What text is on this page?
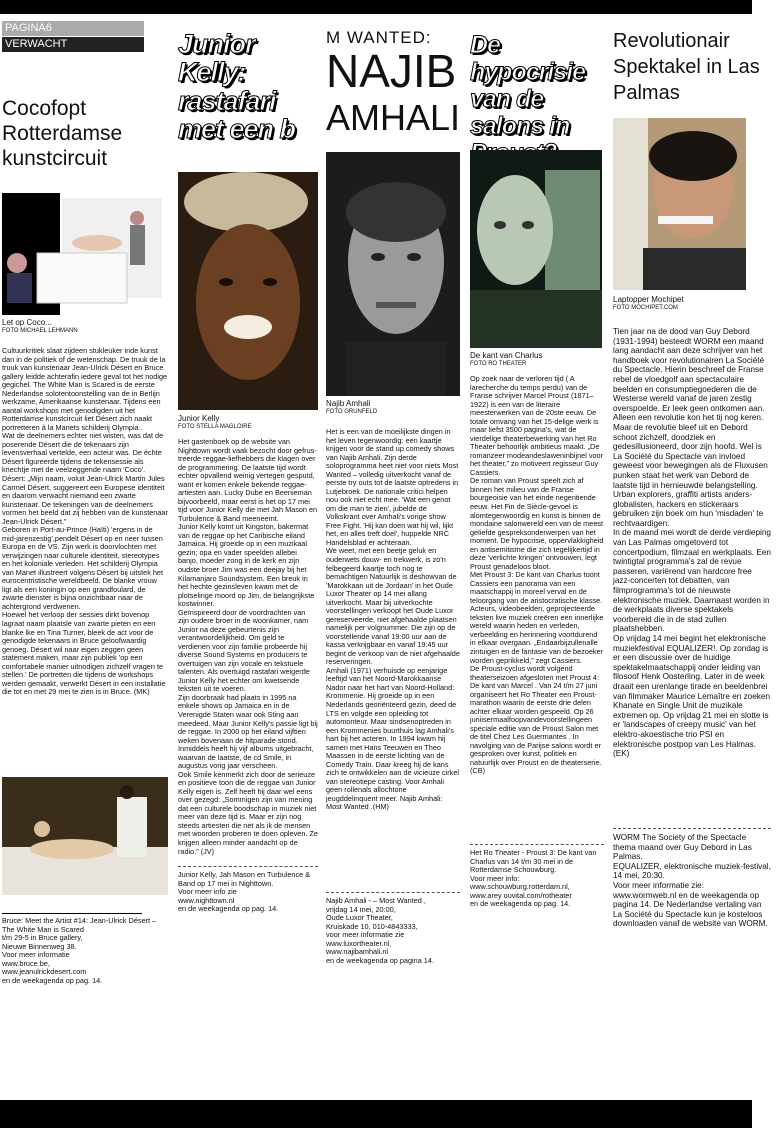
PAGINA6
VERWACHT
Cocofopt Rotterdamse kunstcircuit
Let op Coco...
FOTO MICHAEL LEHMANN

Cultuurkritiek slaat zijdeen stukleuker inde kunst dan in de politiek of de wetenschap. De truuk de la truuk van kunstenaar Jean-Ulrick Désert en Bruce gallery leidde achterafin iedere geval tot het nodige gegichel. The White Man is Scared is de eerste Nederlandse solotentoonstelling van de in Berlijn werkzame, Amerikaanse kunstenaar. Tijdens een aantal workshops met genodigden uit het Rotterdamse kunstcircuit liet Désert zich naakt portretteren à la Manets schilderij Olympia .

Wat de deelnemers echter niet wisten, was dat de poserende Désert die de tekenaars zijn levensverhaal vertelde, een acteur was. De échte Désert figureerde tijdens de tekensessie als knechtje met de veelzeggende naam 'Coco'. Désert: „Mijn naam, voluit Jean-Ulrick Martin Jules Carmel Désert, suggereert een Europese identiteit en daarom verwacht niemand een zwarte kunstenaar. De tekeningen van de deelnemers vormen het beeld dat zij hebben van de kunstenaar Jean-Ulrick Désert.”

Geboren in Port-au-Prince (Haïti) 'ergens in de mid-jarenzestig',pendelt Désert op en neer tussen Europa en de VS. Zijn werk is doorvlochten met verwijzingen naar culturele identiteit, stereotypes en het koloniale verleden. Het schilderij Olympia van Manet illustreert volgens Désert bij uitstek het eurocentristische wereldbeeld. De blanke vrouw ligt als een koningin op een grandfoulard, de zwarte dienster is bijna onzichtbaar naar de achtergrond verdwenen.

Hoewel het verloop der sessies dirkt bovenop lagraat naam plaatsle van zwarte pieten en een blanke lke en Tina Turner, bleek de act voor de genodigde tekenaars in Bruce geloofwaardig genoeg. Désert wil naar eigen zeggen geen statement maken, maar zijn publiek 'op een comfortabele manier uitnodigen zichzelf vragen te stellen.' De portretten die tijdens de workshops werden gemaakt, verwerkt Désert in een installatie die tot en met 29 mei te zien is in Bruce. (MK)

Bruce: Meet the Artist #14: Jean-Ulrick Désert – The White Man is Scared

t/m 29-5 in Bruce gallery,

Nieuwe Binnenweg 38.

Voor meer informatie

www.bruce.be,

www.jeanulrickdesert.com

en de weekagenda op pag. 14.

Junior Kelly: rastafari met een b
Junior Kelly
FOTO STELLA MAGLOIRE

Het gastenboek op de website van Nighttown wordt vaak bezocht door gefrustreerde reggae-liefhebbers die klagen over de programmering. De laatste tijd wordt echter opvallend weinig vertegen gesputd, want er komen enkele bekende reggae-artiesten aan. Lucky Dube en Beenieman bijvoorbeeld, maar eerst is het op 17 mei tijd voor Junior Kelly die met Jah Mason en Turbulence & Band meeneemt.

Junior Kelly komt uit Kingston, bakermat van de reggae op het Caribische eiland Jamaica. Hij groeide op in een muzikaal gezin; opa en vader speelden allebei banjo, moeder zong in de kerk en zijn oudste broer Jim was een deejay bij het Kilamanjaro Soundsystem. Een breuk in het hechte gezinsleven kwam met de plotselinge moord op Jim, de belangrijkste kostwinner.

Geïnspireerd door de voordrachten van zijn oudere broer in de woonkamer, nam Junior na deze gebeurtenis zijn verantwoordelijkheid. Om geld te verdienen voor zijn familie probeerde hij diverse Sound Systems en producers te overtuigen van zijn vocale en tekstuele talenten. Als overtuigd rastafari weigerde Junior Kelly het echter om kwetsende teksten uit te voeren.

Zijn doorbraak had plaats in 1995 na enkele shows op Jamaica en in de Verenigde Staten waar ook Sting aan meedeed. Maar Junior Kelly's passie ligt bij de reggae. In 2000 op het eiland vijftien weken bovenaan de hitparade stond. Inmiddels heeft hij vijf albums uitgebracht, waarvan de laatste, de cd Smile, in augustus vorig jaar verscheen.

Ook Smile kenmerkt zich door de serieuze en positieve toon die de reggae van Junior Kelly eigen is. Zelf heeft hij daar wel eens over gezegd: „Sommigen zijn van mening dat een culturele boodschap in muziek niet meer van deze tijd is. Maar er zijn nog steeds artiesten die net als ik de mensen met woorden proberen te doen opleven. Ze krijgen alleen minder aandacht op de radio.” (JV)

Junior Kelly, Jah Mason en Turbulence & Band op 17 mei in Nighttown.

Voor meer info zie

www.nighttown.nl

en de weekagenda op pag. 14.

M WANTED:
NAJIB
AMHALI
Najib Amhali
FOTO GRUNFELD

Het is een van de moeilijkste dingen in het leven tegenwoordig: een kaartje krijgen voor de stand up comedy shows van Najib Amhali. Zijn derde soloprogramma heet niet voor niets Most Wanted – volledig uitverkocht vanaf de eerste try outs tot de laatste optredens in Lutjebroek. De nationale critici helpen nou ook niet echt mee. 'Wat een genot om die man te zien', jubelde de Volkskrant over Amhali's vorige show Free Fight. 'Hij kan doen wat hij wil, lijkt het, en alles treft doel', huppelde NRC Handelsblad er achteraan.

We weet, met een beetje geluk en ouderwets douw- en trekwerk, is zo'n felbegeerd kaartje toch nog te bemachtigen Natuurlijk is deshowvan de 'Marokkaan uit de Jordaan' in het Oude Luxor Theater op 14 mei allang uitverkocht. Maar bij uitverkochte voorstellingen verkoopt het Oude Luxor gereserveerde, niet afgehaalde plaatsen namelijk per volgnummer. Die zijn op de voorstellende vanaf 19:00 uur aan de kassa verkrijgbaar en vanaf 19:45 uur begint de verkoop van de niet afgehaalde reserveringen.

Amhali (1971) verhuisde op eenjarige leeftijd van het Noord-Marokkaanse Nador naar het hart van Noord-Holland: Krommenie. Hij groeide op in een Nederlands georiënteerd gezin, deed de LTS en volgde een opleiding tot automonteur. Maar sindsenoptreden in een Krommenies buurthuis lag Amhali's hart bij het acteren. In 1994 kwam hij samen met Hans Teeuwen en Theo Maassen in de eerste lichting van de Comedy Train. Daar kreeg hij de kans zich te ontwikkelen aan de vicieuze cirkel van stereotiepe casting. Voor Amhali geen rollenals allochtone jeugddelinquent meer. Najib Amhali: Most Wanted .(HM)

Najib Amhali - – Most Wanted ,

vrijdag 14 mei, 20:00,

Oude Luxor Theater,

Kruiskade 10, 010-4843333,

voor meer informatie zie

www.luxortheater.nl,

www.najibamhali.nl

en de weekagenda op pagina 14.

De hypocrisie van de salons in
De kant van Charlus
FOTO RO THEATER

Op zoek naar de verloren tijd ( A larecherche du temps perdu) van de Franse schrijver Marcel Proust (1871–1922) is een van de literaire meesterwerken van de 20ste eeuw. De totale omvang van het 15-delige werk is maar liefst 3500 pagina's, wat de vierdelige theaterbewerking van het Ro Theater behoorlijk ambitieus maakt. „De romanzeer modeandeslaweninbijnel voor het theater,” zo motiveert regisseur Guy Cassiers.

De roman van Proust speelt zich af binnen het milieu van de Franse bourgeoisie van het einde negentiende eeuw. Het Fin de Siècle-gevoel is alomtegenwoordig en kunst is binnen de mondaine salonwereld een van de meest geliefde gespreksonderwerpen van het moment. De hypocrisie, oppervlakkigheid en antisemitisme die zich tegelijkertijd in deze 'verlichte kringen' ontvouwen, legt Proust genadeloos bloot.

Met Proust 3: De kant van Charlus toont Cassiers een panorama van een maatschappij in moreel verval en de teloorgang van de aristocratische klasse. Acteurs, videobeelden, geprojecteerde teksten live muziek creëren een innerlijke wereld waarin heden en verleden, verbeelding en herinnering voortdurend in elkaar overgaan. „Endaarbijzullenalle zintuigen en de fantasie van de bezoeker worden geprikkeld,” zegt Cassiers.

De Proust-cyclus wordt volgend theaterseizoen afgesloten met Proust 4: De kant van Marcel . Van 24 t/m 27 juni organiseert het Ro Theater een Proust-marathon waarin de eerste drie delen achter elkaar worden gespeeld. Op 26 juniisermaalfoopvandevoorstellingeen speciale editie van de Proust Salon met de titel Chez Les Guermantes . In navolging van de Parijse salons wordt er gesproken over kunst, politiek en natuurlijk over Proust en de theaterserie. (CB)

Het Ro Theater - Proust 3: De kant van Charlus van 14 t/m 30 mei in de Rotterdamse Schouwburg.

Voor meer info:

www.schouwburg.rotterdam.nl,

www.arey ouvital.com/rotheater

en de weekagenda op pag. 14.

Revolutionair Spektakel in Las Palmas
Laptopper Mochipet
FOTO MOCHIPET.COM

Tien jaar na de dood van Guy Debord (1931-1994) besteedt WORM een maand lang aandacht aan deze schrijver van het handboek voor revolutionairen La Société du Spectacle. Hierin beschreef de Franse rebel de vloedgolf aan spectaculaire beelden en consumptiegoederen die de Westerse wereld vanaf de jaren zestig overspoelde. Er leek geen ontkomen aan. Alleen een revolutie kon het tij nog keren.

Maar de revolutie bleef uit en Debord schoot zichzelf, doodziek en gedesillusioneerd, door zijn hoofd. Wel is La Société du Spectacle van invloed geweest voor bewegingen als de Fluxusen punken staat het werk van Debord de laatste tijd in hernieuwde belangstelling. Urban explorers, graffiti artists anders-globalisten, hackers en stickeraars gebruiken zijn boek om hun 'misdaden' te rechtvaardigen.

In de maand mei wordt de derde verdieping van Las Palmas omgetoverd tot concertpodium, filmzaal en werkplaats. Een twintigtal programma's zal de revue passeren, variërend van hardcore free jazz-concerten tot debatten, van filmprogramma's tot de nieuwste elektronische muziek. Daarnaast worden in de werkplaats diverse spektakels voorbereid die in de stad zullen plaatshebben.

Op vrijdag 14 mei begint het elektronische muziekfestival EQUALIZER!. Op zondag is er een discussie over de huidige spektakelmaatschappij onder leiding van filosoof Henk Oosterling. Later in de week draait een urenlange tirade en beeldenbrei van filmmaker Maurice Lemaître en zoeken Khanate en Single Unit de muzikale extremen op. Op vrijdag 21 mei en slotte is er 'landscapes of creepy music' van het elektro-akoestische trio PSI en elektronische postpop van Les Halmas. (EK)

WORM The Society of the Spectacle

thema maand over Guy Debord in Las Palmas.

EQUALIZER, elektronische muziek-festival, 14 mei, 20:30.

Voor meer informatie zie:

www.wormweb.nl en de weekagenda op pagina 14. De Nederlandse vertaling van La Société du Spectacle kun je kosteloos downloaden vanaf de website van WORM.
